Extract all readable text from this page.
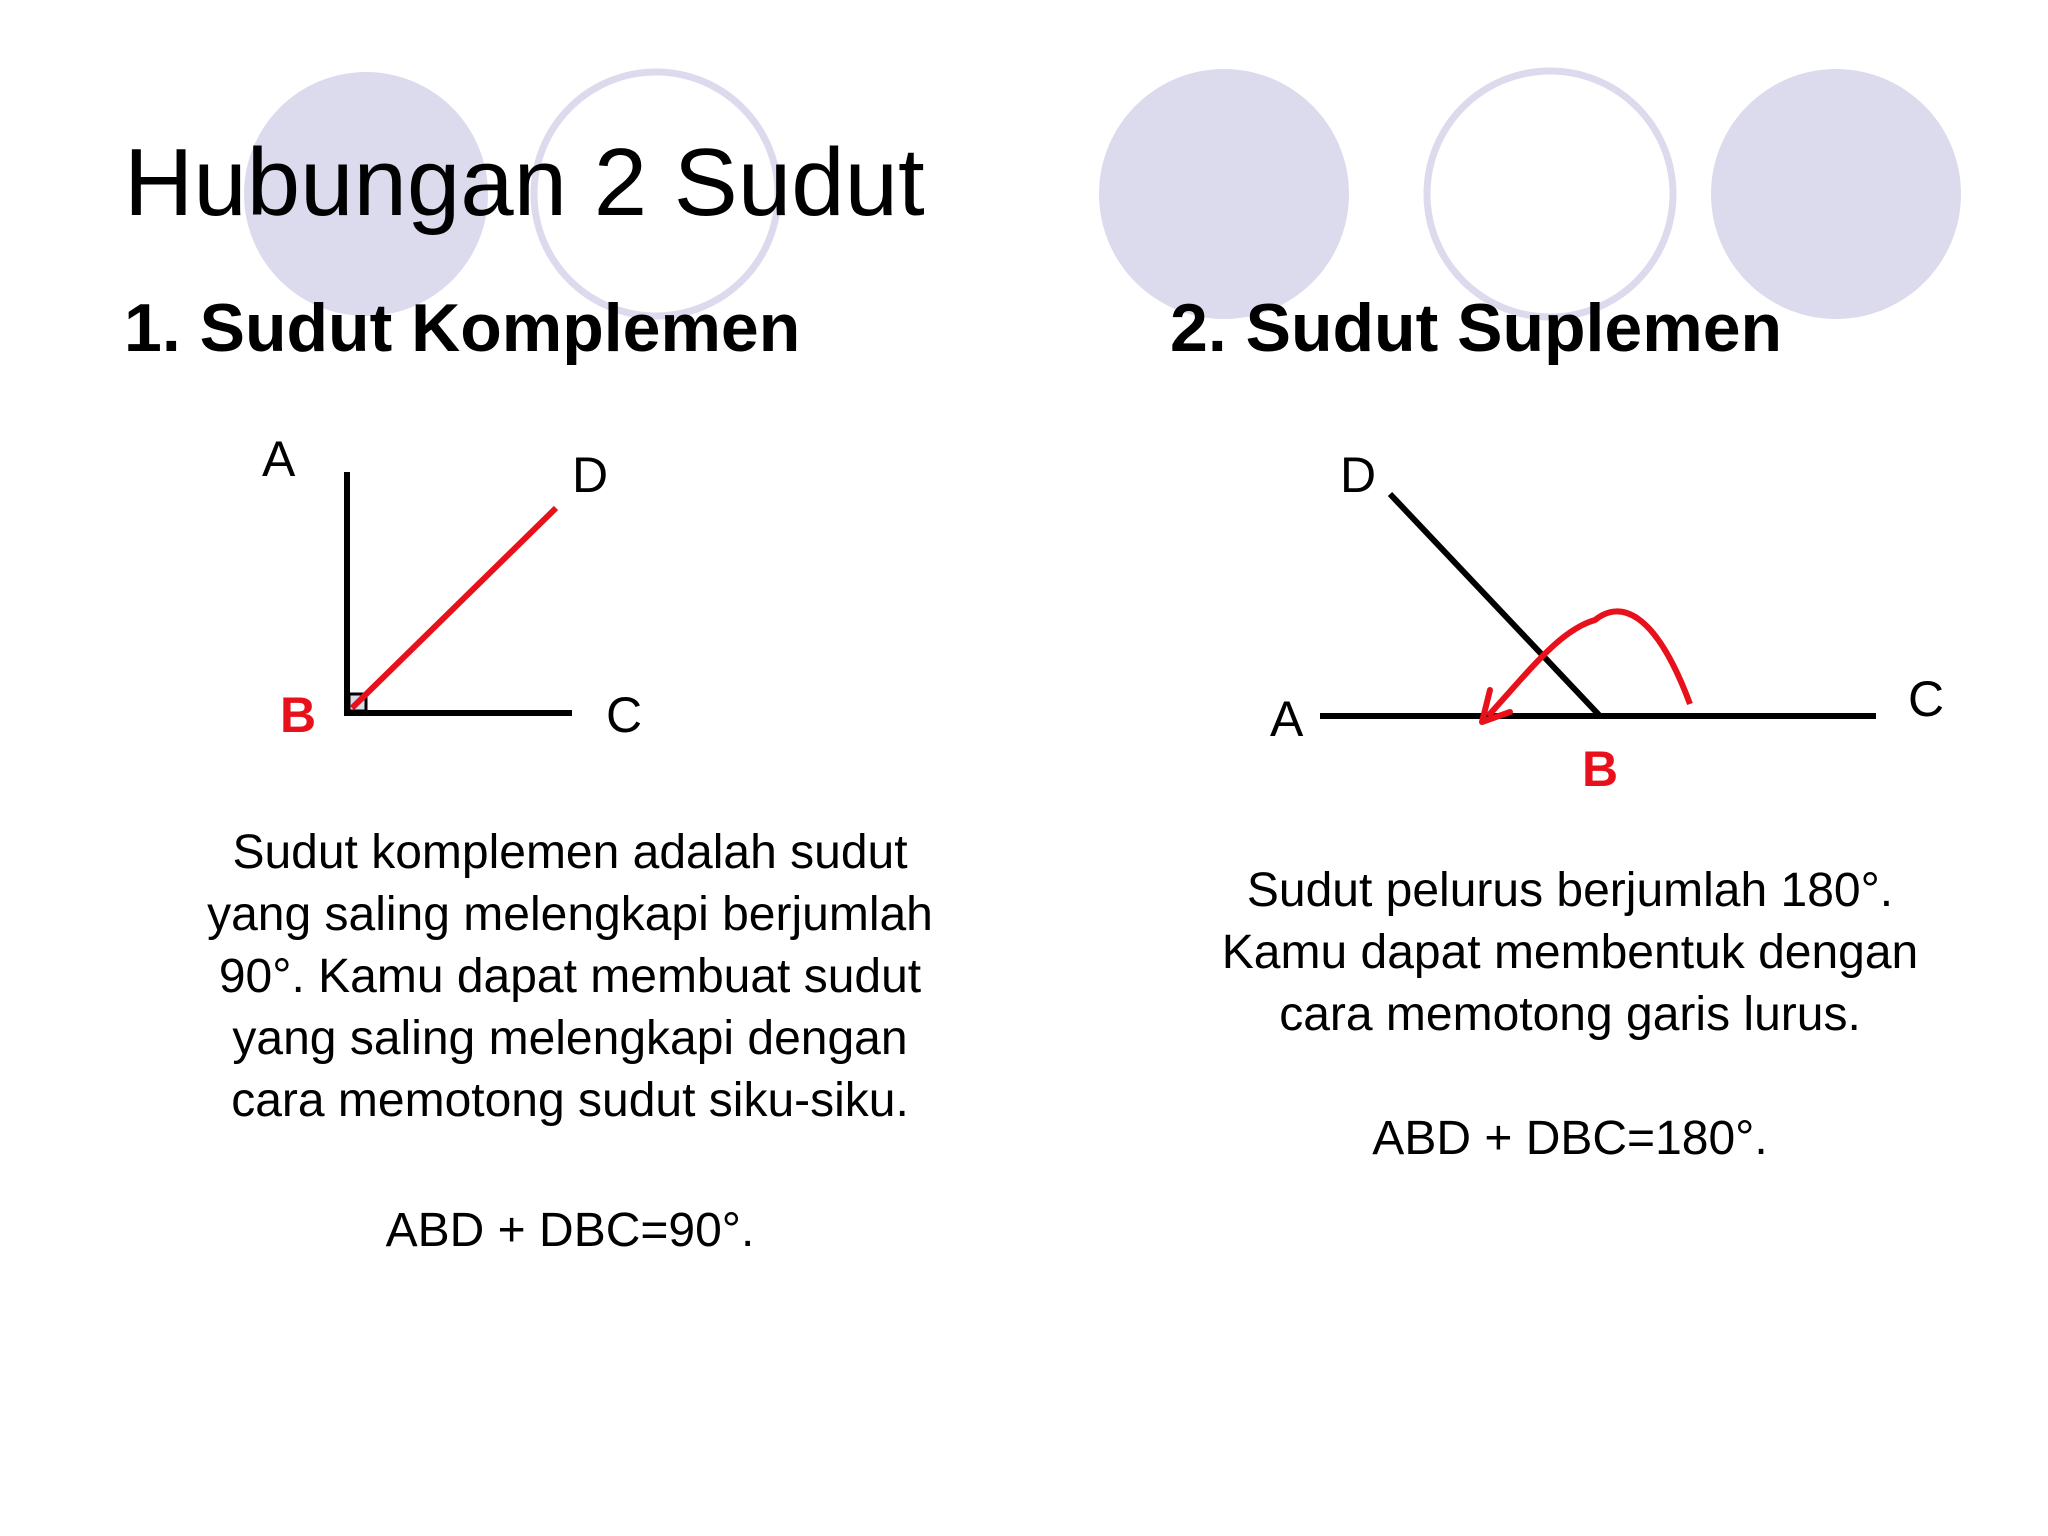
Hubungan 2 Sudut
1. Sudut Komplemen	2. Sudut Suplemen
A	D
B	C
D
A	C
B

Sudut komplemen adalah sudut yang saling melengkapi berjumlah 90°. Kamu dapat membuat sudut yang saling melengkapi dengan cara memotong sudut siku-siku.

ABD + DBC=90°.

Sudut pelurus berjumlah 180°. Kamu dapat membentuk dengan cara memotong garis lurus.

ABD + DBC=180°.
